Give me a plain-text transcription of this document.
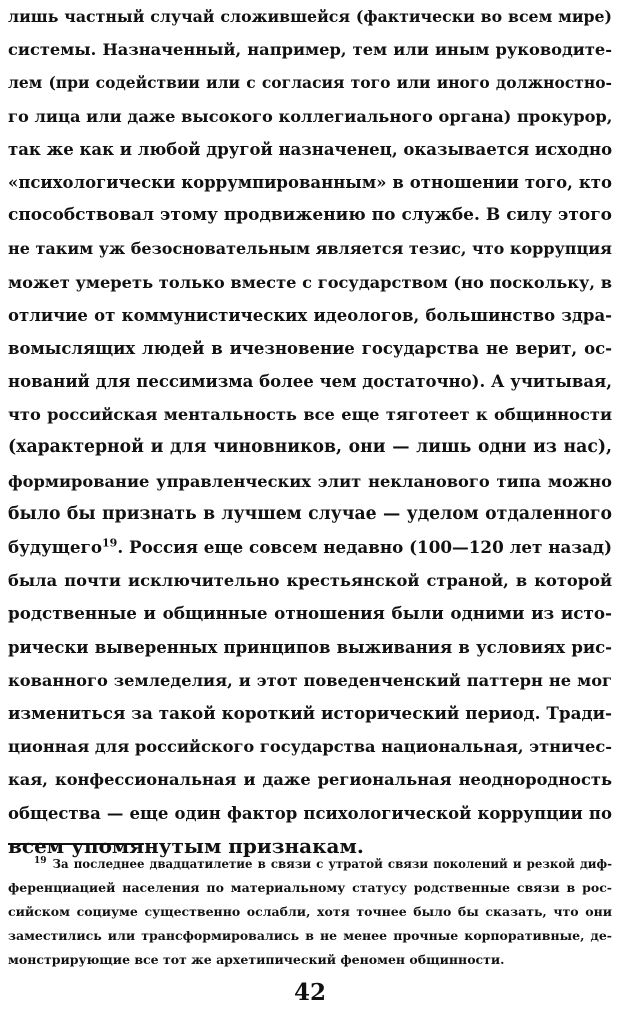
лишь частный случай сложившейся (фактически во всем мире)
системы. Назначенный, например, тем или иным руководите-
лем (при содействии или с согласия того или иного должностно-
го лица или даже высокого коллегиального органа) прокурор,
так же как и любой другой назначенец, оказывается исходно
«психологически коррумпированным» в отношении того, кто
способствовал этому продвижению по службе. В силу этого
не таким уж безосновательным является тезис, что коррупция
может умереть только вместе с государством (но поскольку, в
отличие от коммунистических идеологов, большинство здра-
вомыслящих людей в ичезновение государства не верит, ос-
нований для пессимизма более чем достаточно). А учитывая,
что российская ментальность все еще тяготеет к общинности
(характерной и для чиновников, они — лишь одни из нас),
формирование управленческих элит некланового типа можно
было бы признать в лучшем случае — уделом отдаленного
будущего$^{19}$. Россия еще совсем недавно (100—120 лет назад)
была почти исключительно крестьянской страной, в которой
родственные и общинные отношения были одними из исто-
рически выверенных принципов выживания в условиях рис-
кованного земледелия, и этот поведенченский паттерн не мог
измениться за такой короткий исторический период. Тради-
ционная для российского государства национальная, этничес-
кая, конфессиональная и даже региональная неоднородность
общества — еще один фактор психологической коррупции по
всем упомянутым признакам.
$^{19}$ За последнее двадцатилетие в связи с утратой связи поколений и резкой диф-
ференциацией населения по материальному статусу родственные связи в рос-
сийском социуме существенно ослабли, хотя точнее было бы сказать, что они
заместились или трансформировались в не менее прочные корпоративные, де-
монстрирующие все тот же архетипический феномен общинности.
42
